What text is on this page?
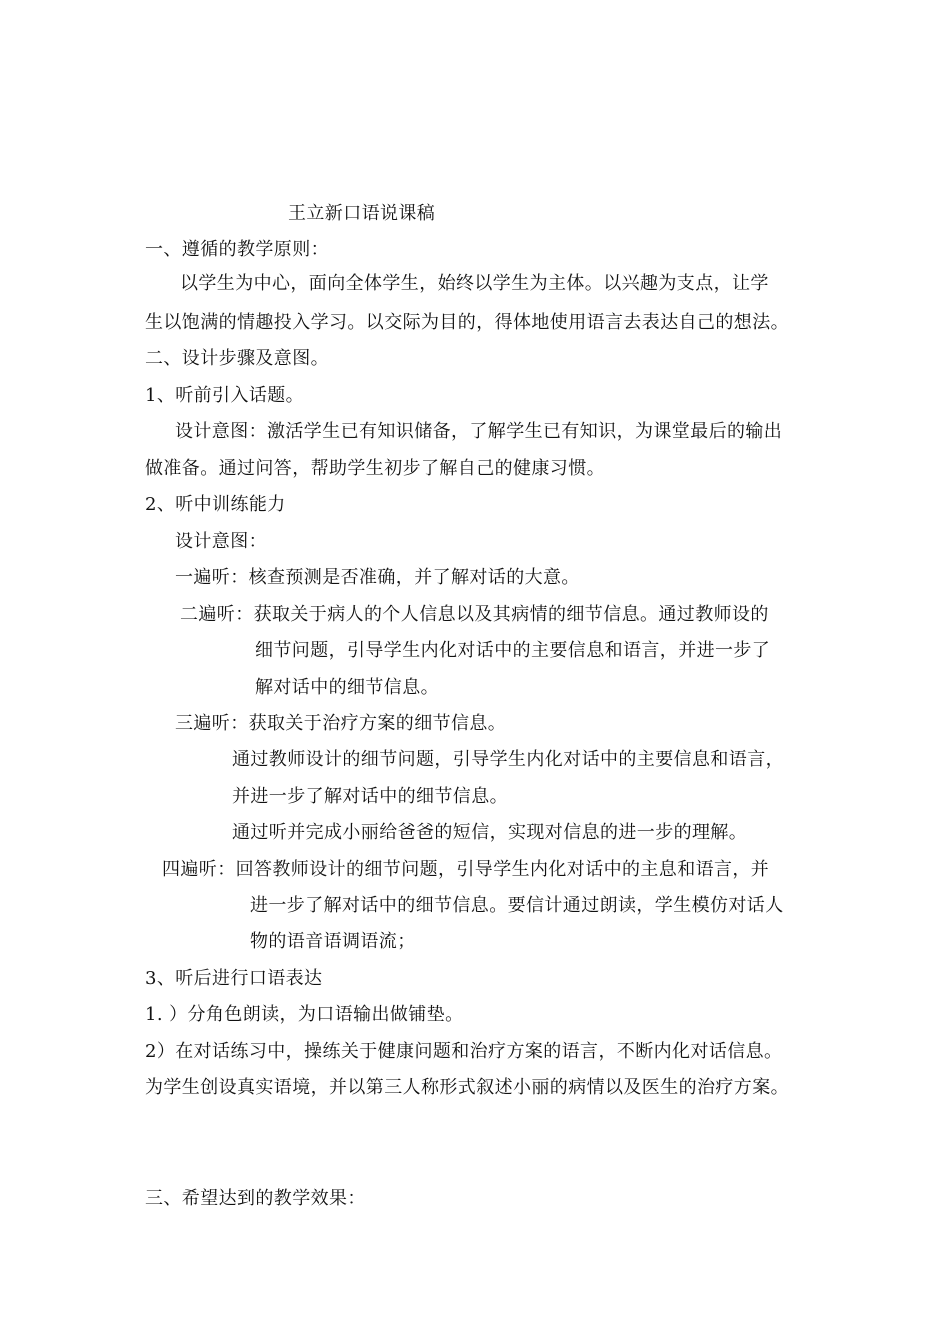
王立新口语说课稿
一、遵循的教学原则：
以学生为中心，面向全体学生，始终以学生为主体。以兴趣为支点，让学
生以饱满的情趣投入学习。以交际为目的，得体地使用语言去表达自己的想法。
二、设计步骤及意图。
1、听前引入话题。
设计意图：激活学生已有知识储备，了解学生已有知识，为课堂最后的输出
做准备。通过问答，帮助学生初步了解自己的健康习惯。
2、听中训练能力
设计意图：
一遍听：核查预测是否准确，并了解对话的大意。
二遍听：获取关于病人的个人信息以及其病情的细节信息。通过教师设的
细节问题，引导学生内化对话中的主要信息和语言，并进一步了
解对话中的细节信息。
三遍听：获取关于治疗方案的细节信息。
通过教师设计的细节问题，引导学生内化对话中的主要信息和语言，
并进一步了解对话中的细节信息。
通过听并完成小丽给爸爸的短信，实现对信息的进一步的理解。
四遍听：回答教师设计的细节问题，引导学生内化对话中的主息和语言，并
进一步了解对话中的细节信息。要信计通过朗读，学生模仿对话人
物的语音语调语流；
3、听后进行口语表达
1. ）分角色朗读，为口语输出做铺垫。
2）在对话练习中，操练关于健康问题和治疗方案的语言，不断内化对话信息。
为学生创设真实语境，并以第三人称形式叙述小丽的病情以及医生的治疗方案。
三、希望达到的教学效果：
